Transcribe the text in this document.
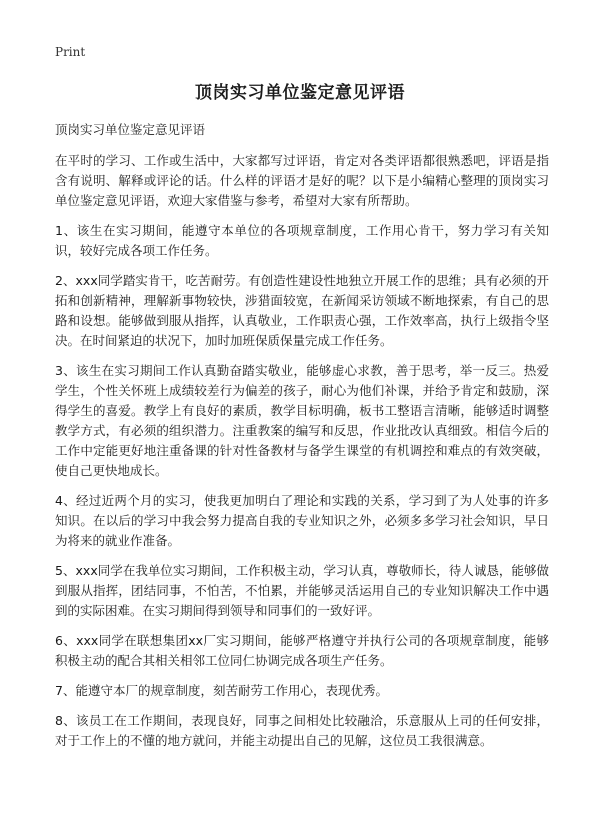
Print
顶岗实习单位鉴定意见评语

顶岗实习单位鉴定意见评语

在平时的学习、工作或生活中，大家都写过评语，肯定对各类评语都很熟悉吧，评语是指含有说明、解释或评论的话。什么样的评语才是好的呢？以下是小编精心整理的顶岗实习单位鉴定意见评语，欢迎大家借鉴与参考，希望对大家有所帮助。

1、该生在实习期间，能遵守本单位的各项规章制度，工作用心肯干，努力学习有关知识，较好完成各项工作任务。

2、xxx同学踏实肯干，吃苦耐劳。有创造性建设性地独立开展工作的思维；具有必须的开拓和创新精神，理解新事物较快，涉猎面较宽，在新闻采访领域不断地探索，有自己的思路和设想。能够做到服从指挥，认真敬业，工作职责心强，工作效率高，执行上级指令坚决。在时间紧迫的状况下，加时加班保质保量完成工作任务。

3、该生在实习期间工作认真勤奋踏实敬业，能够虚心求教，善于思考，举一反三。热爱学生，个性关怀班上成绩较差行为偏差的孩子，耐心为他们补课，并给予肯定和鼓励，深得学生的喜爱。教学上有良好的素质，教学目标明确，板书工整语言清晰，能够适时调整教学方式，有必须的组织潜力。注重教案的编写和反思，作业批改认真细致。相信今后的工作中定能更好地注重备课的针对性备教材与备学生课堂的有机调控和难点的有效突破，使自己更快地成长。

4、经过近两个月的实习，使我更加明白了理论和实践的关系，学习到了为人处事的许多知识。在以后的学习中我会努力提高自我的专业知识之外，必须多多学习社会知识，早日为将来的就业作准备。

5、xxx同学在我单位实习期间，工作积极主动，学习认真，尊敬师长，待人诚恳，能够做到服从指挥，团结同事，不怕苦，不怕累，并能够灵活运用自己的专业知识解决工作中遇到的实际困难。在实习期间得到领导和同事们的一致好评。

6、xxx同学在联想集团xx厂实习期间，能够严格遵守并执行公司的各项规章制度，能够积极主动的配合其相关相邻工位同仁协调完成各项生产任务。

7、能遵守本厂的规章制度，刻苦耐劳工作用心，表现优秀。

8、该员工在工作期间，表现良好，同事之间相处比较融洽，乐意服从上司的任何安排，对于工作上的不懂的地方就问，并能主动提出自己的见解，这位员工我很满意。
